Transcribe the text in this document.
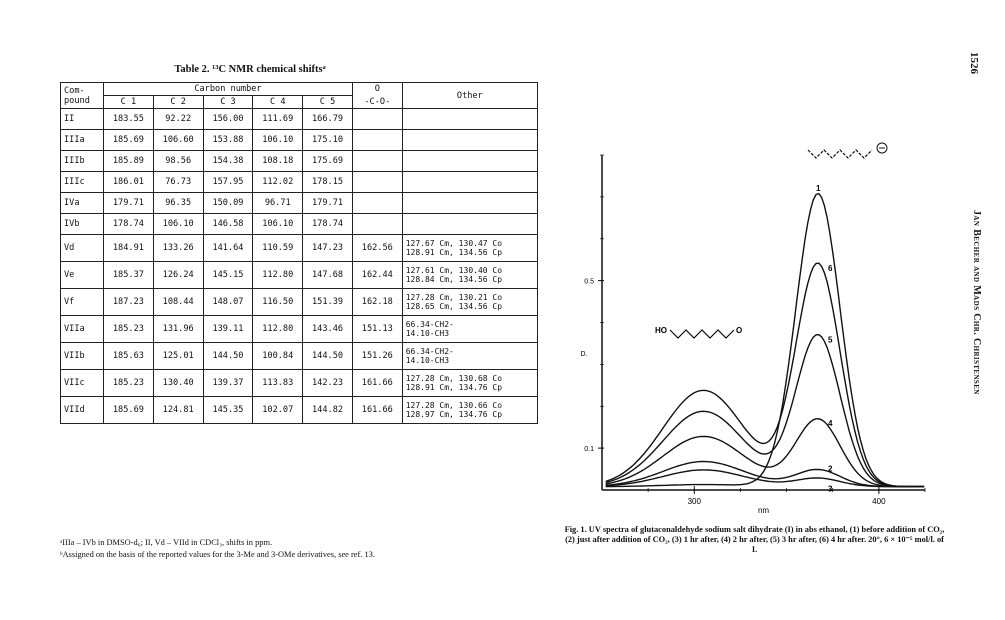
1526
Jan Becher and Mads Chr. Christensen
Table 2. ¹³C NMR chemical shiftsᵃ
Com-
pound	Carbon number					O	Other
	C 1	C 2	C 3	C 4	C 5	-C-O-	
II	183.55	92.22	156.00	111.69	166.79		
IIIa	185.69	106.60	153.88	106.10	175.10		
IIIb	185.89	98.56	154.38	108.18	175.69		
IIIc	186.01	76.73	157.95	112.02	178.15		
IVa	179.71	96.35	150.09	96.71	179.71		
IVb	178.74	106.10	146.58	106.10	178.74		
Vd	184.91	133.26	141.64	110.59	147.23	162.56	127.67 Cm, 130.47 Co
128.91 Cm, 134.56 Cp
Ve	185.37	126.24	145.15	112.80	147.68	162.44	127.61 Cm, 130.40 Co
128.84 Cm, 134.56 Cp
Vf	187.23	108.44	148.07	116.50	151.39	162.18	127.28 Cm, 130.21 Co
128.65 Cm, 134.56 Cp
VIIa	185.23	131.96	139.11	112.80	143.46	151.13	66.34-CH2-
14.10-CH3
VIIb	185.63	125.01	144.50	100.84	144.50	151.26	66.34-CH2-
14.10-CH3
VIIc	185.23	130.40	139.37	113.83	142.23	161.66	127.28 Cm, 130.68 Co
128.91 Cm, 134.76 Cp
VIId	185.69	124.81	145.35	102.07	144.82	161.66	127.28 Cm, 130.66 Co
128.97 Cm, 134.76 Cp
ᵃIIIa – IVb in DMSO-d₆; II, Vd – VIId in CDCl₃, shifts in ppm.
ᵇAssigned on the basis of the reported values for the 3-Me and 3-OMe derivatives, see ref. 13.
300	400
0.1
0.5
nm
D.
1
2
3
4
5
6
HO	O
Fig. 1. UV spectra of glutaconaldehyde sodium salt dihydrate (I) in abs ethanol, (1) before addition of CO₂, (2) just after addition of CO₂, (3) 1 hr after, (4) 2 hr after, (5) 3 hr after, (6) 4 hr after. 20°, 6 × 10⁻⁵ mol/l. of I.
